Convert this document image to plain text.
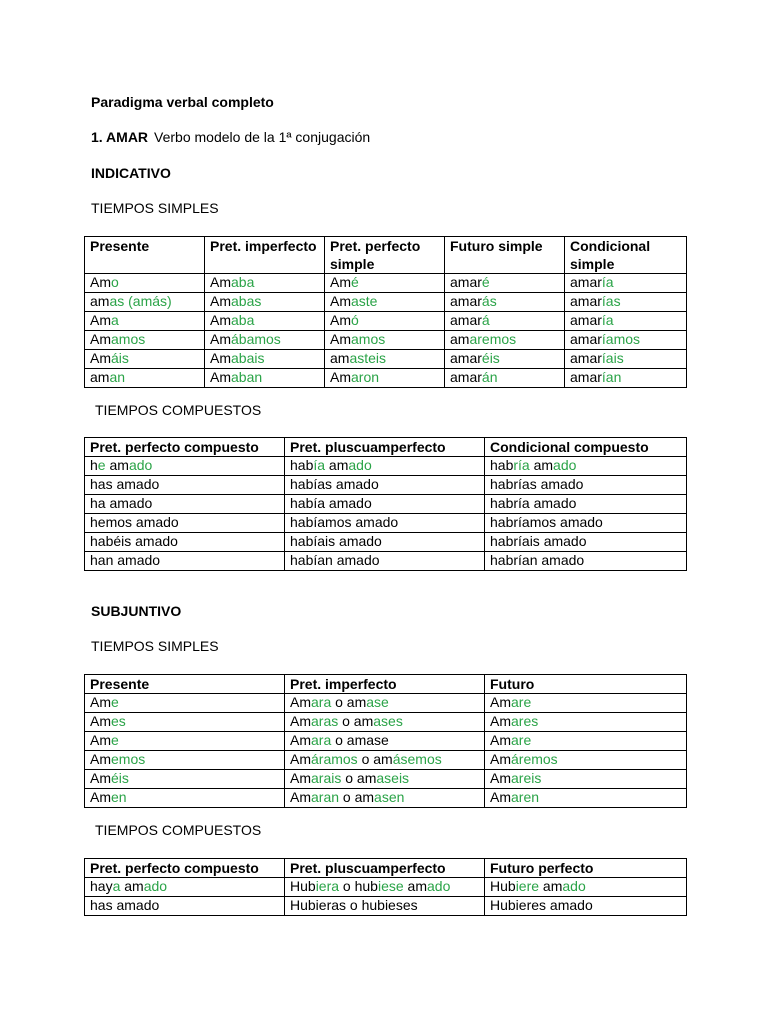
Paradigma verbal completo
1. AMAR Verbo modelo de la 1ª conjugación
INDICATIVO
TIEMPOS SIMPLES
Presente	Pret. imperfecto	Pret. perfecto simple	Futuro simple	Condicional simple
Amo	Amaba	Amé	amaré	amaría
amas (amás)	Amabas	Amaste	amarás	amarías
Ama	Amaba	Amó	amará	amaría
Amamos	Amábamos	Amamos	amaremos	amaríamos
Amáis	Amabais	amasteis	amaréis	amaríais
aman	Amaban	Amaron	amarán	amarían
TIEMPOS COMPUESTOS
Pret. perfecto compuesto	Pret. pluscuamperfecto	Condicional compuesto
he amado	había amado	habría amado
has amado	habías amado	habrías amado
ha amado	había amado	habría amado
hemos amado	habíamos amado	habríamos amado
habéis amado	habíais amado	habríais amado
han amado	habían amado	habrían amado
SUBJUNTIVO
TIEMPOS SIMPLES
Presente	Pret. imperfecto	Futuro
Ame	Amara o amase	Amare
Ames	Amaras o amases	Amares
Ame	Amara o amase	Amare
Amemos	Amáramos o amásemos	Amáremos
Améis	Amarais o amaseis	Amareis
Amen	Amaran o amasen	Amaren
TIEMPOS COMPUESTOS
Pret. perfecto compuesto	Pret. pluscuamperfecto	Futuro perfecto
haya amado	Hubiera o hubiese amado	Hubiere amado
has amado	Hubieras o hubieses	Hubieres amado
